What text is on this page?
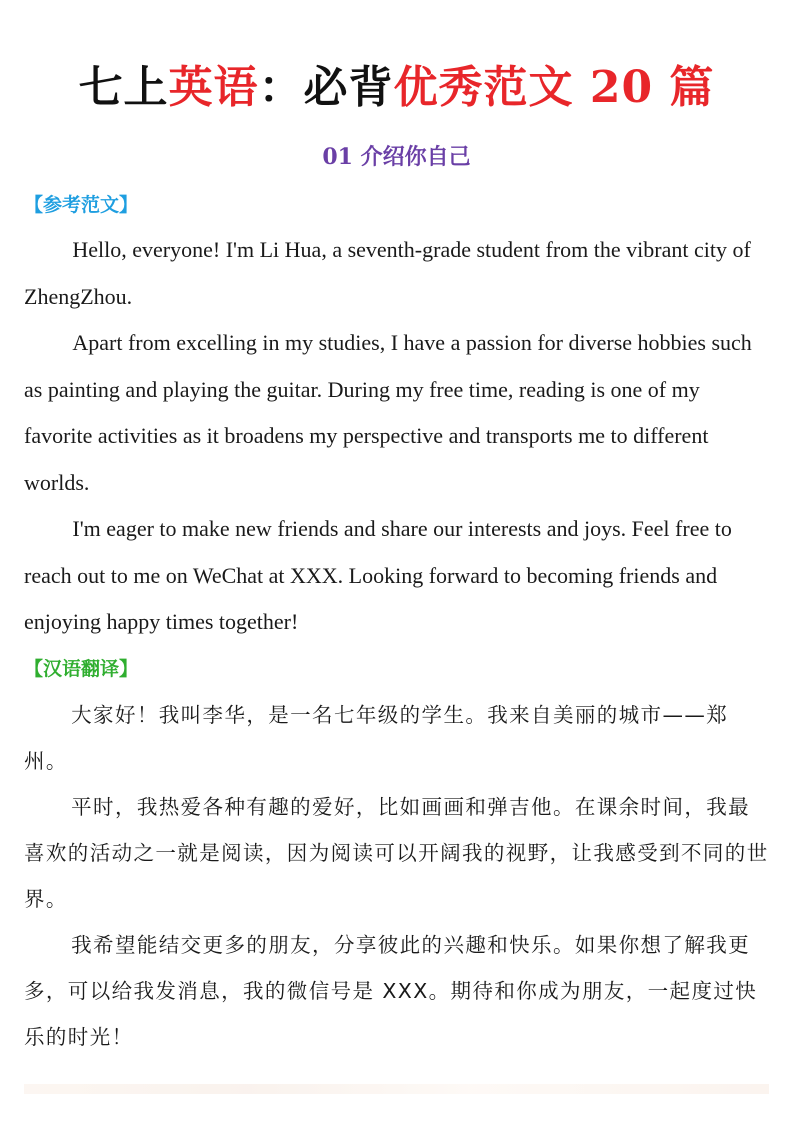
七上英语：必背优秀范文 20 篇
01 介绍你自己
【参考范文】

Hello, everyone! I'm Li Hua, a seventh-grade student from the vibrant city of ZhengZhou.

Apart from excelling in my studies, I have a passion for diverse hobbies such as painting and playing the guitar. During my free time, reading is one of my favorite activities as it broadens my perspective and transports me to different worlds.

I'm eager to make new friends and share our interests and joys. Feel free to reach out to me on WeChat at XXX. Looking forward to becoming friends and enjoying happy times together!

【汉语翻译】

大家好！我叫李华，是一名七年级的学生。我来自美丽的城市——郑州。

平时，我热爱各种有趣的爱好，比如画画和弹吉他。在课余时间，我最喜欢的活动之一就是阅读，因为阅读可以开阔我的视野，让我感受到不同的世界。

我希望能结交更多的朋友，分享彼此的兴趣和快乐。如果你想了解我更多，可以给我发消息，我的微信号是 XXX。期待和你成为朋友，一起度过快乐的时光！
